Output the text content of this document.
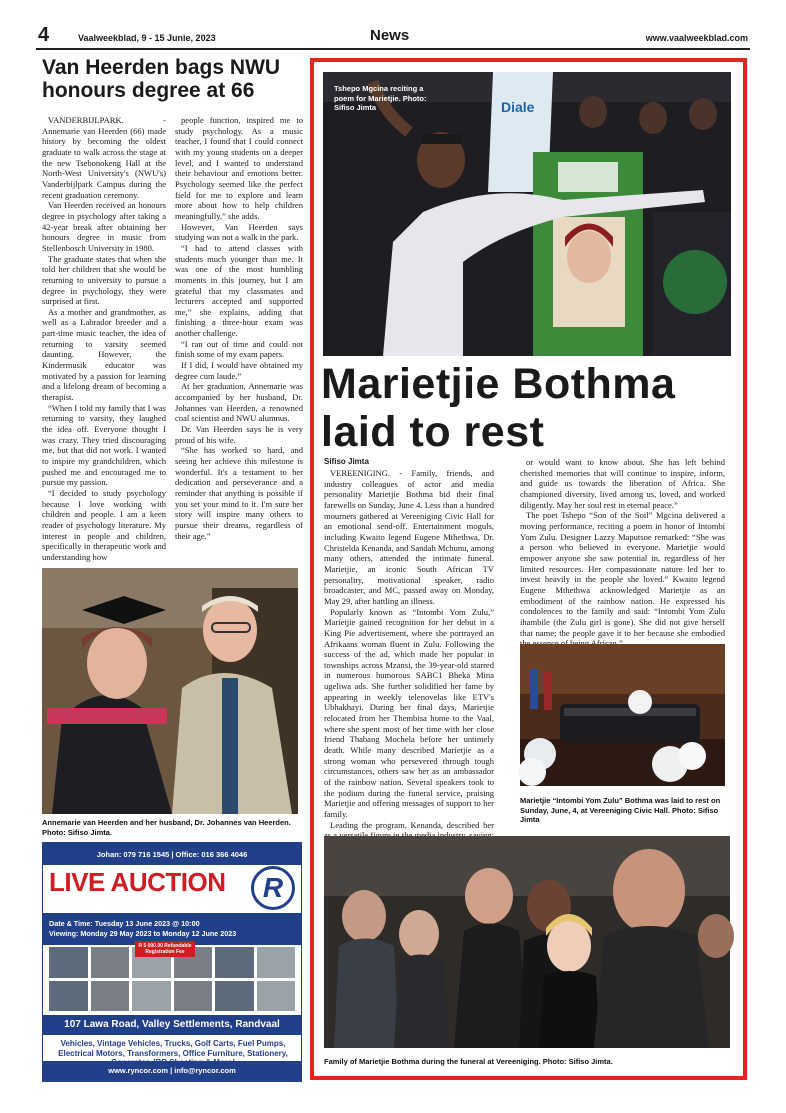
4	Vaalweekblad, 9 - 15 Junie, 2023	News	www.vaalweekblad.com
Van Heerden bags NWU honours degree at 66

VANDERBIJLPARK. - Annemarie van Heerden (66) made history by becoming the oldest graduate to walk across the stage at the new Tsebonokeng Hall at the North-West University's (NWU's) Vanderbijlpark Campus during the recent graduation ceremony.

Van Heerden received an honours degree in psychology after taking a 42-year break after obtaining her honours degree in music from Stellenbosch University in 1980.

The graduate states that when she told her children that she would be returning to university to pursue a degree in psychology, they were surprised at first.

As a mother and grandmother, as well as a Labrador breeder and a part-time music teacher, the idea of returning to varsity seemed daunting. However, the Kindermusik educator was motivated by a passion for learning and a lifelong dream of becoming a therapist.

“When I told my family that I was returning to varsity, they laughed the idea off. Everyone thought I was crazy. They tried discouraging me, but that did not work. I wanted to inspire my grandchildren, which pushed me and encouraged me to pursue my passion.

“I decided to study psychology because I love working with children and people. I am a keen reader of psychology literature. My interest in people and children, specifically in therapeutic work and understanding how

people function, inspired me to study psychology. As a music teacher, I found that I could connect with my young students on a deeper level, and I wanted to understand their behaviour and emotions better. Psychology seemed like the perfect field for me to explore and learn more about how to help children meaningfully,” she adds.

However, Van Heerden says studying was not a walk in the park.

“I had to attend classes with students much younger than me. It was one of the most humbling moments in this journey, but I am grateful that my classmates and lecturers accepted and supported me,” she explains, adding that finishing a three-hour exam was another challenge.

“I ran out of time and could not finish some of my exam papers.

If I did, I would have obtained my degree cum laude.”

At her graduation, Annemarie was accompanied by her husband, Dr. Johannes van Heerden, a renowned coal scientist and NWU alumnus.

Dr. Van Heerden says he is very proud of his wife.

“She has worked so hard, and seeing her achieve this milestone is wonderful. It's a testament to her dedication and perseverance and a reminder that anything is possible if you set your mind to it. I'm sure her story will inspire many others to pursue their dreams, regardless of their age.”

Annemarie van Heerden and her husband, Dr. Johannes van Heerden. Photo: Sifiso Jimta.
Johan: 079 716 1545 | Office: 016 366 4046
LIVE AUCTION	R
Date & Time: Tuesday 13 June 2023 @ 10:00
Viewing: Monday 29 May 2023 to Monday 12 June 2023
R 5 000.00 Refundable Registration Fee
107 Lawa Road, Valley Settlements, Randvaal
Vehicles, Vintage Vehicles, Trucks, Golf Carts, Fuel Pumps, Electrical Motors, Transformers, Office Furniture, Stationery,
www.ryncor.com | info@ryncor.com
Diale
Tshepo Mgcina reciting a poem for Marietjie. Photo: Sifiso Jimta
Marietjie Bothma laid to rest
Sifiso Jimta

VEREENIGING. - Family, friends, and industry colleagues of actor and media personality Marietjie Bothma bid their final farewells on Sunday, June 4. Less than a hundred mourners gathered at Vereeniging Civic Hall for an emotional send-off. Entertainment moguls, including Kwaito legend Eugene Mthethwa, Dr. Christelda Kenanda, and Sandah Mchunu, among many others, attended the intimate funeral. Marietjie, an iconic South African TV personality, motivational speaker, radio broadcaster, and MC, passed away on Monday, May 29, after battling an illness.

Popularly known as “Intombi Yom Zulu,” Marietjie gained recognition for her debut in a King Pie advertisement, where she portrayed an Afrikaans woman fluent in Zulu. Following the success of the ad, which made her popular in townships across Mzansi, the 39-year-old starred in numerous humorous SABC1 Bheka Mina ugeliwa ads. She further solidified her fame by appearing in weekly telenovelas like ETV's Ubhakhayi. During her final days, Marietjie relocated from her Thembisa home to the Vaal, where she spent most of her time with her close friend Thabang Mochela before her untimely death. While many described Marietjie as a strong woman who persevered through tough circumstances, others saw her as an ambassador of the rainbow nation. Several speakers took to the podium during the funeral service, praising Marietjie and offering messages of support to her family.

Leading the program, Kenanda, described her

or would want to know about. She has left behind cherished memories that will continue to inspire, inform, and guide us towards the liberation of Africa. She championed diversity, lived among us, loved, and worked diligently. May her soul rest in eternal peace.”

The poet Tshepo “Son of the Soil” Mgcina delivered a moving performance, reciting a poem in honor of Intombi Yom Zulu. Designer Lazzy Maputsoe remarked: “She was a person who believed in everyone. Marietjie would empower anyone she saw potential in, regardless of her limited resources. Her compassionate nature led her to invest heavily in the people she loved.” Kwaito legend Eugene Mthethwa acknowledged Marietjie as an embodiment of the rainbow nation. He expressed his condolences to the family and said: “Intombi Yom Zulu ihambile (the Zulu girl is gone). She did not give herself that name; the people gave it to her because she embodied

Marietjie “Intombi Yom Zulu” Bothma was laid to rest on Sunday, June, 4, at Vereeniging Civic Hall. Photo: Sifiso Jimta
Family of Marietjie Bothma during the funeral at Vereeniging. Photo: Sifiso Jimta.
